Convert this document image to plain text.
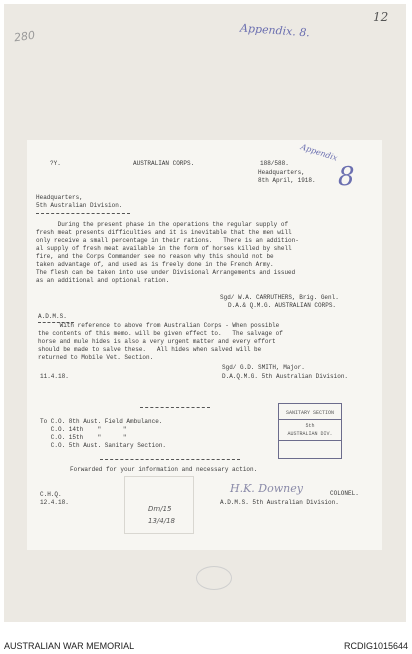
280	Appendix. 8.
12
?Y.	AUSTRALIAN CORPS.	188/588.
Appendix
8
Headquarters,
8th April, 1918.
Headquarters,
5th Australian Division.
During the present phase in the operations the regular supply of
fresh meat presents difficulties and it is inevitable that the men will
only receive a small percentage in their rations.   There is an addition-
al supply of fresh meat available in the form of horses killed by shell
fire, and the Corps Commander see no reason why this should not be
taken advantage of, and used as is freely done in the French Army.
The flesh can be taken into use under Divisional Arrangements and issued
as an additional and optional ration.
Sgd/ W.A. CARRUTHERS, Brig. Genl.
D.A.& Q.M.G. AUSTRALIAN CORPS.
A.D.M.S.
With reference to above from Australian Corps - When possible
the contents of this memo. will be given effect to.   The salvage of
horse and mule hides is also a very urgent matter and every effort
should be made to salve these.   All hides when salved will be
returned to Mobile Vet. Section.
Sgd/ G.D. SMITH, Major.
11.4.18.	D.A.Q.M.G. 5th Australian Division.
To C.O. 8th Aust. Field Ambulance.
C.O. 14th    "      "
C.O. 15th    "      "
C.O. 5th Aust. Sanitary Section.
SANITARY SECTION
5th
AUSTRALIAN DIV.
Forwarded for your information and necessary action.
C.H.Q.
12.4.18.
Dm/15
13/4/18
H.K. Downey	COLONEL.
A.D.M.S. 5th Australian Division.
AUSTRALIAN WAR MEMORIAL	RCDIG1015644
